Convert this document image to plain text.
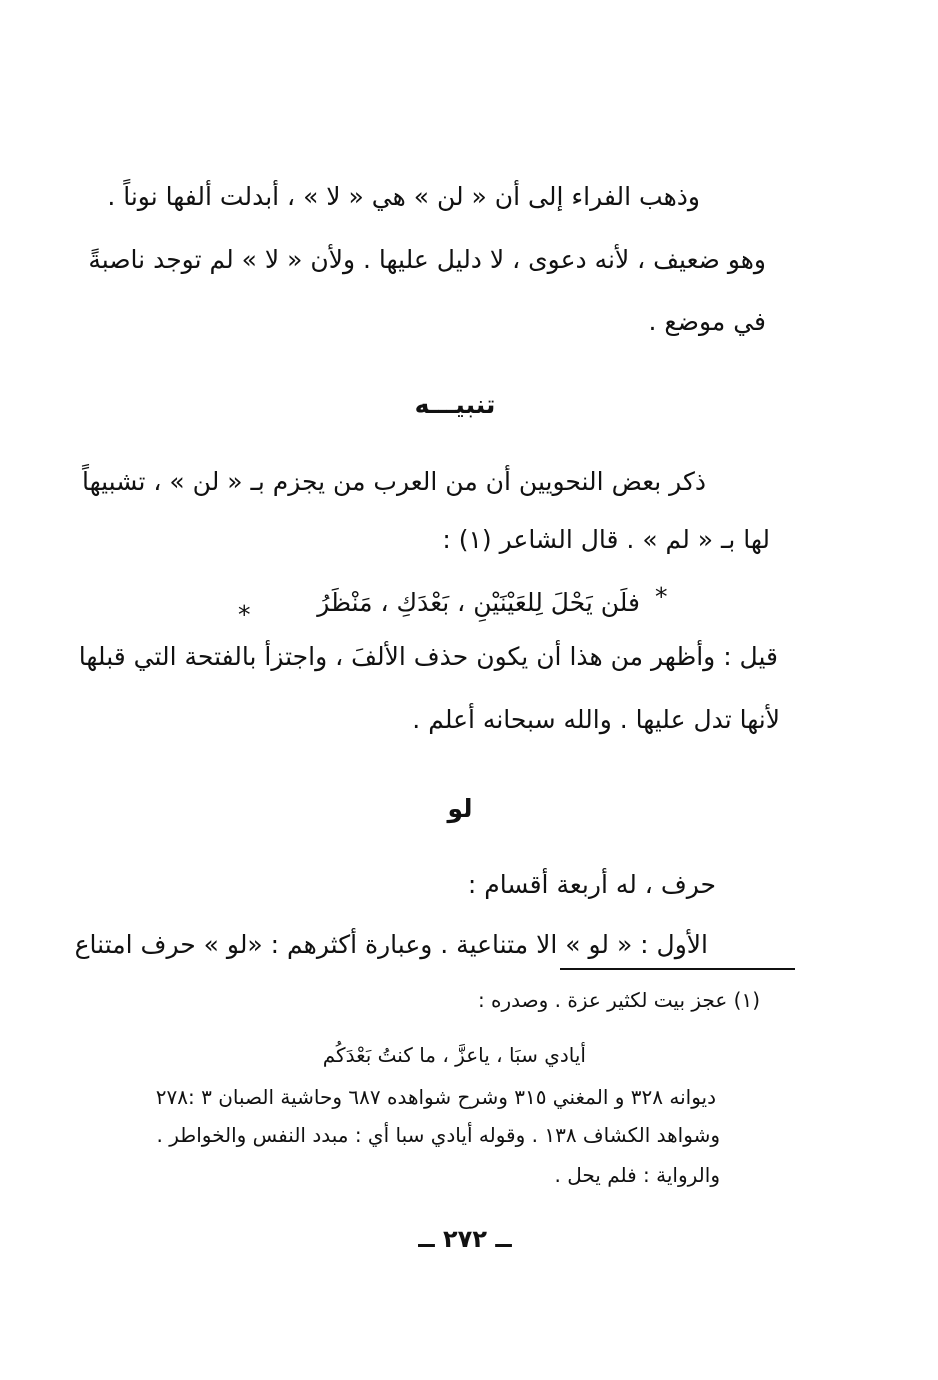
وذهب الفراء إلى أن « لن » هي « لا » ، أبدلت ألفها نوناً .
وهو ضعيف ، لأنه دعوى ، لا دليل عليها . ولأن « لا » لم توجد ناصبةً
في موضع .
تنبيـــه
ذكر بعض النحويين أن من العرب من يجزم بـ « لن » ، تشبيهاً
لها بـ « لم » . قال الشاعر (١) :
*
فلَن يَحْلَ لِلعَيْنَيْنِ ، بَعْدَكِ ، مَنْظَرُ
*
قيل : وأظهر من هذا أن يكون حذف الألفَ ، واجتزأ بالفتحة التي قبلها
لأنها تدل عليها . والله سبحانه أعلم .
لو
حرف ، له أربعة أقسام :
الأول : « لو » الا متناعية . وعبارة أكثرهم : «لو » حرف امتناع
(١) عجز بيت لكثير عزة . وصدره :
أيادي سبَا ، ياعزَّ ، ما كنتُ بَعْدَكُم
ديوانه ٣٢٨ و المغني ٣١٥ وشرح شواهده ٦٨٧ وحاشية الصبان ٣ :٢٧٨
وشواهد الكشاف ١٣٨ . وقوله أيادي سبا أي : مبدد النفس والخواطر .
والرواية : فلم يحل .
ــ ٢٧٢ ــ
